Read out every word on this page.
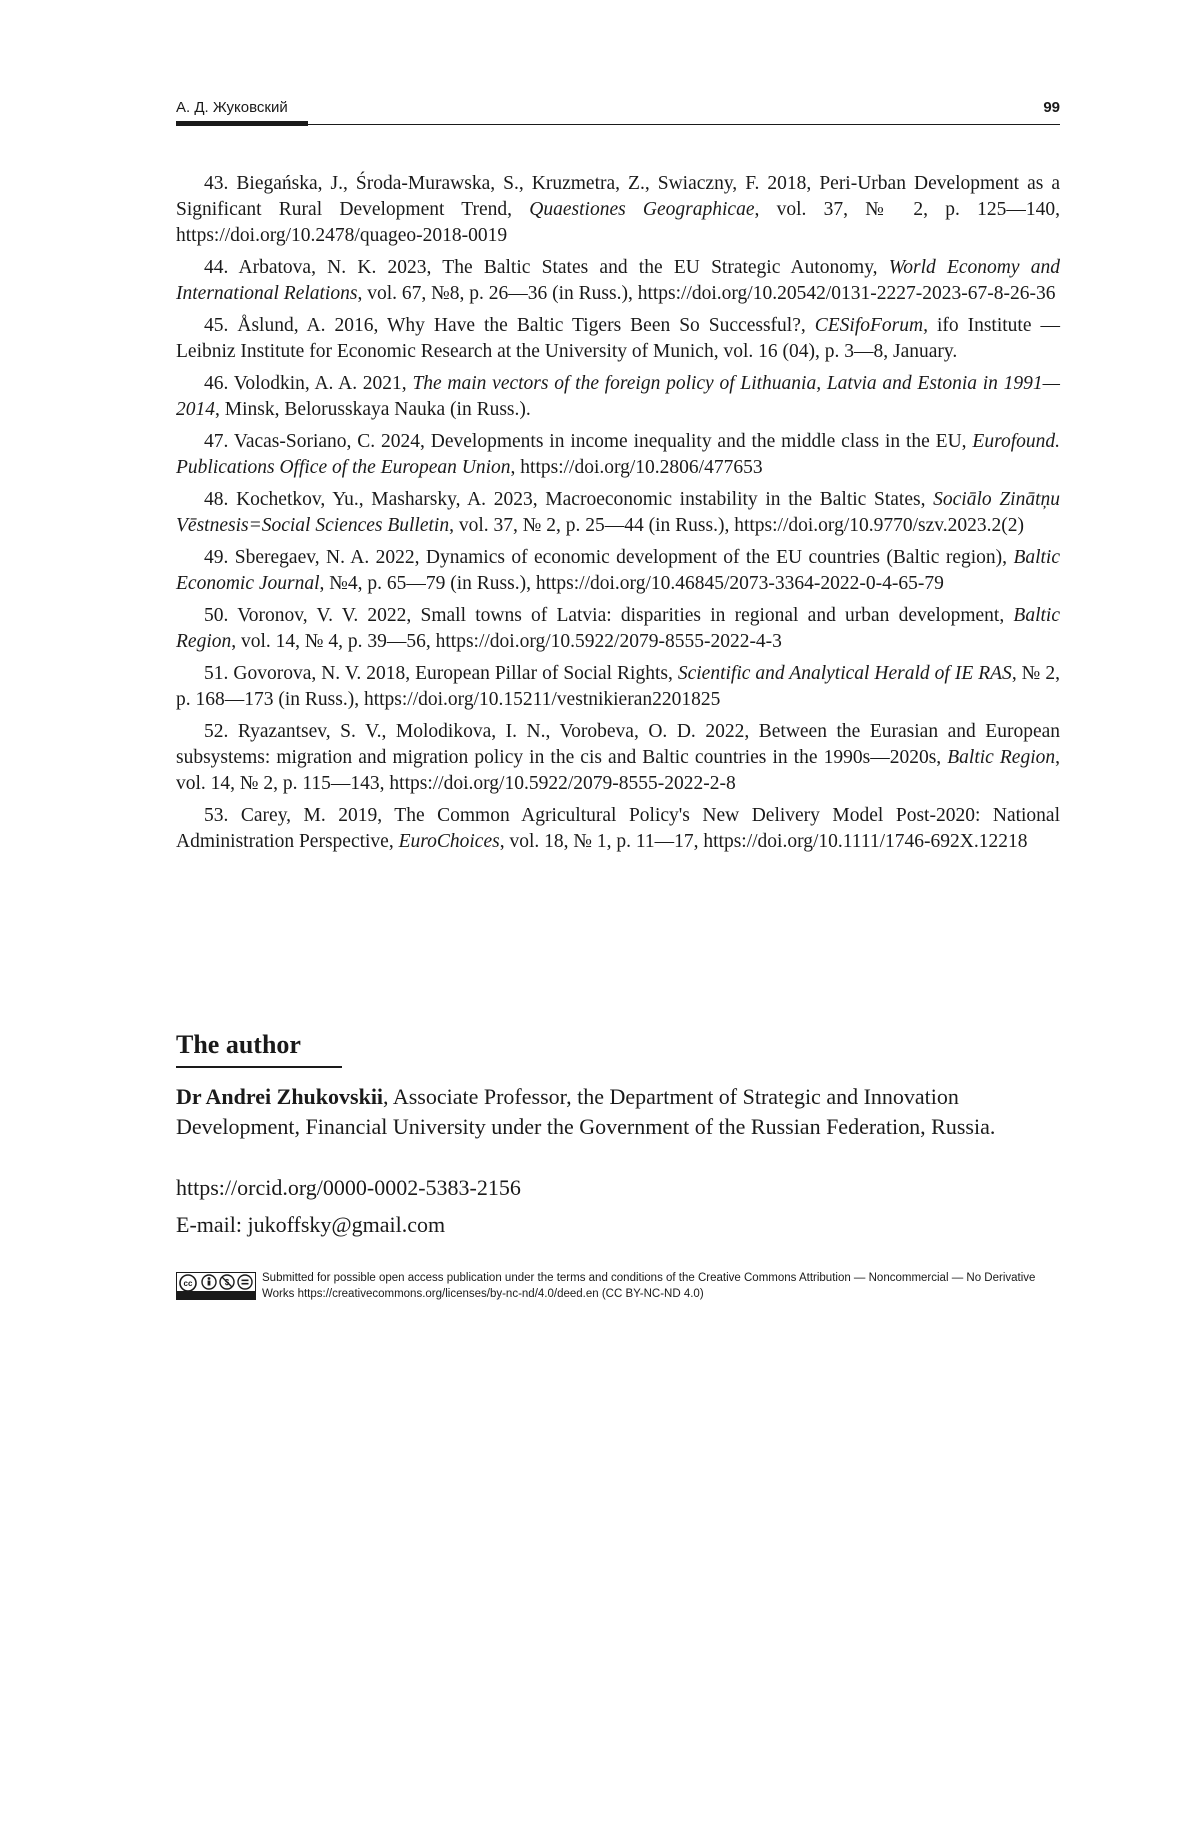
А. Д. Жуковский	99

43. Biegańska, J., Środa-Murawska, S., Kruzmetra, Z., Swiaczny, F. 2018, Peri-Urban Development as a Significant Rural Development Trend, Quaestiones Geographicae, vol. 37, № 2, p. 125—140, https://doi.org/10.2478/quageo-2018-0019

44. Arbatova, N. K. 2023, The Baltic States and the EU Strategic Autonomy, World Economy and International Relations, vol. 67, №8, p. 26—36 (in Russ.), https://doi.org/10.20542/0131-2227-2023-67-8-26-36

45. Åslund, A. 2016, Why Have the Baltic Tigers Been So Successful?, CESifoForum, ifo Institute — Leibniz Institute for Economic Research at the University of Munich, vol. 16 (04), p. 3—8, January.

46. Volodkin, A. A. 2021, The main vectors of the foreign policy of Lithuania, Latvia and Estonia in 1991—2014, Minsk, Belorusskaya Nauka (in Russ.).

47. Vacas-Soriano, C. 2024, Developments in income inequality and the middle class in the EU, Eurofound. Publications Office of the European Union, https://doi.org/10.2806/477653

48. Kochetkov, Yu., Masharsky, A. 2023, Macroeconomic instability in the Baltic States, Sociālo Zinātņu Vēstnesis=Social Sciences Bulletin, vol. 37, № 2, p. 25—44 (in Russ.), https://doi.org/10.9770/szv.2023.2(2)

49. Sberegaev, N. A. 2022, Dynamics of economic development of the EU countries (Baltic region), Baltic Economic Journal, №4, p. 65—79 (in Russ.), https://doi.org/10.46845/2073-3364-2022-0-4-65-79

50. Voronov, V. V. 2022, Small towns of Latvia: disparities in regional and urban development, Baltic Region, vol. 14, № 4, p. 39—56, https://doi.org/10.5922/2079-8555-2022-4-3

51. Govorova, N. V. 2018, European Pillar of Social Rights, Scientific and Analytical Herald of IE RAS, № 2, p. 168—173 (in Russ.), https://doi.org/10.15211/vestnikieran2201825

52. Ryazantsev, S. V., Molodikova, I. N., Vorobeva, O. D. 2022, Between the Eurasian and European subsystems: migration and migration policy in the cis and Baltic countries in the 1990s—2020s, Baltic Region, vol. 14, № 2, p. 115—143, https://doi.org/10.5922/2079-8555-2022-2-8

53. Carey, M. 2019, The Common Agricultural Policy's New Delivery Model Post-2020: National Administration Perspective, EuroChoices, vol. 18, № 1, p. 11—17, https://doi.org/10.1111/1746-692X.12218

The author

Dr Andrei Zhukovskii, Associate Professor, the Department of Strategic and Innovation Development, Financial University under the Government of the Russian Federation, Russia.

https://orcid.org/0000-0002-5383-2156
E-mail: jukoffsky@gmail.com
cc	Submitted for possible open access publication under the terms and conditions of the Creative Commons Attribution — Noncommercial — No Derivative Works https://creativecommons.org/licenses/by-nc-nd/4.0/deed.en (CC BY-NC-ND 4.0)
